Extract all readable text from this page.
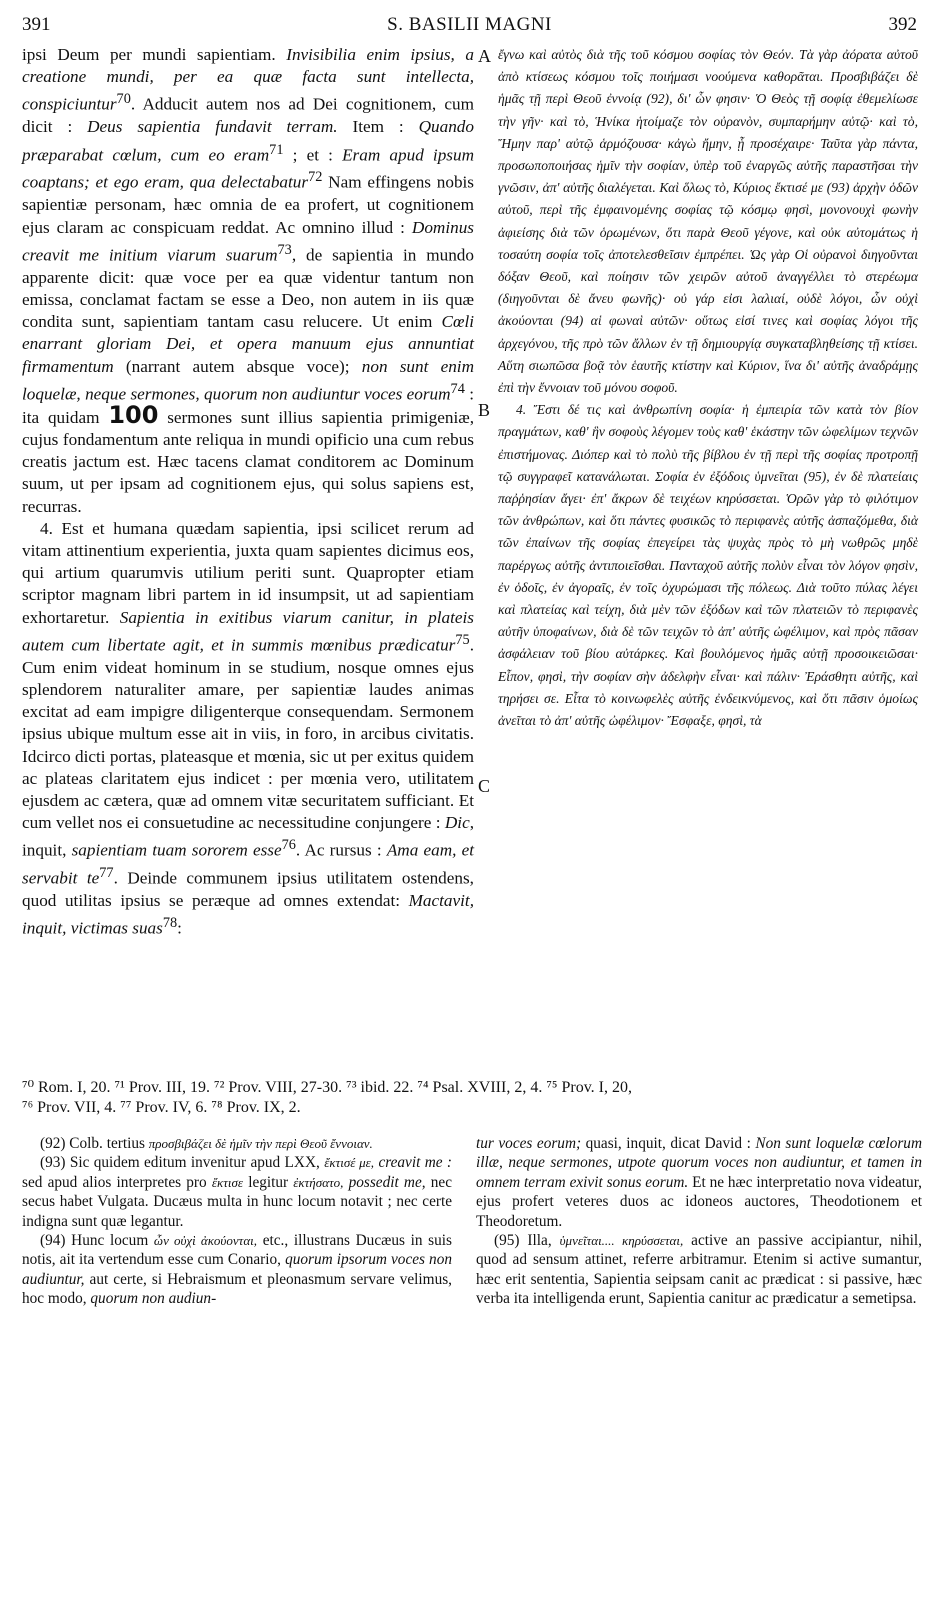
391	S. BASILII MAGNI	392
A
B
C

ipsi Deum per mundi sapientiam. Invisibilia enim ipsius, a creatione mundi, per ea quæ facta sunt intellecta, conspiciuntur$^{70}$. Adducit autem nos ad Dei cognitionem, cum dicit : Deus sapientia fundavit terram. Item : Quando præparabat cœlum, cum eo eram$^{71}$ ; et : Eram apud ipsum coaptans; et ego eram, qua delectabatur$^{72}$ Nam effingens nobis sapientiæ personam, hæc omnia de ea profert, ut cognitionem ejus claram ac conspicuam reddat. Ac omnino illud : Dominus creavit me initium viarum suarum$^{73}$, de sapientia in mundo apparente dicit: quæ voce per ea quæ videntur tantum non emissa, conclamat factam se esse a Deo, non autem in iis quæ condita sunt, sapientiam tantam casu relucere. Ut enim Cœli enarrant gloriam Dei, et opera manuum ejus annuntiat firmamentum (narrant autem absque voce); non sunt enim loquelæ, neque sermones, quorum non audiuntur voces eorum$^{74}$ : ita quidam 100 sermones sunt illius sapientia primigeniæ, cujus fondamentum ante reliqua in mundi opificio una cum rebus creatis jactum est. Hæc tacens clamat conditorem ac Dominum suum, ut per ipsam ad cognitionem ejus, qui solus sapiens est, recurras.

4. Est et humana quædam sapientia, ipsi scilicet rerum ad vitam attinentium experientia, juxta quam sapientes dicimus eos, qui artium quarumvis utilium periti sunt. Quapropter etiam scriptor magnam libri partem in id insumpsit, ut ad sapientiam exhortaretur. Sapientia in exitibus viarum canitur, in plateis autem cum libertate agit, et in summis mœnibus prædicatur$^{75}$. Cum enim videat hominum in se studium, nosque omnes ejus splendorem naturaliter amare, per sapientiæ laudes animas excitat ad eam impigre diligenterque consequendam. Sermonem ipsius ubique multum esse ait in viis, in foro, in arcibus civitatis. Idcirco dicti portas, plateasque et mœnia, sic ut per exitus quidem ac plateas claritatem ejus indicet : per mœnia vero, utilitatem ejusdem ac cætera, quæ ad omnem vitæ securitatem sufficiant. Et cum vellet nos ei consuetudine ac necessitudine conjungere : Dic, inquit, sapientiam tuam sororem esse$^{76}$. Ac rursus : Ama eam, et servabit $te^{77}$. Deinde communem ipsius utilitatem ostendens, quod utilitas ipsius se peræque ad omnes extendat: Mactavit, inquit, victimas suas$^{78}$:

ἔγνω καὶ αὐτὸς διὰ τῆς τοῦ κόσμου σοφίας τὸν Θεόν. Τὰ γὰρ ἀόρατα αὐτοῦ ἀπὸ κτίσεως κόσμου τοῖς ποιήμασι νοούμενα καθορᾶται. Προσβιβάζει δὲ ἡμᾶς τῇ περὶ Θεοῦ ἐννοίᾳ (92), δι' ὧν φησιν· Ὁ Θεὸς τῇ σοφίᾳ ἐθεμελίωσε τὴν γῆν· καὶ τὸ, Ἡνίκα ἡτοίμαζε τὸν οὐρανὸν, συμπαρήμην αὐτῷ· καὶ τὸ, Ἤμην παρ' αὐτῷ ἁρμόζουσα· κἀγὼ ἤμην, ᾗ προσέχαιρε· Ταῦτα γὰρ πάντα, προσωποποιήσας ἡμῖν τὴν σοφίαν, ὑπὲρ τοῦ ἐναργῶς αὐτῆς παραστῆσαι τὴν γνῶσιν, ἀπ' αὐτῆς διαλέγεται. Καὶ ὅλως τὸ, Κύριος ἔκτισέ με (93) ἀρχὴν ὁδῶν αὐτοῦ, περὶ τῆς ἐμφαινομένης σοφίας τῷ κόσμῳ φησὶ, μονονουχὶ φωνὴν ἀφιείσης διὰ τῶν ὁρωμένων, ὅτι παρὰ Θεοῦ γέγονε, καὶ οὐκ αὐτομάτως ἡ τοσαύτη σοφία τοῖς ἀποτελεσθεῖσιν ἐμπρέπει. Ὡς γὰρ Οἱ οὐρανοὶ διηγοῦνται δόξαν Θεοῦ, καὶ ποίησιν τῶν χειρῶν αὐτοῦ ἀναγγέλλει τὸ στερέωμα (διηγοῦνται δὲ ἄνευ φωνῆς)· οὐ γάρ εἰσι λαλιαί, οὐδὲ λόγοι, ὧν οὐχὶ ἀκούονται (94) αἱ φωναὶ αὐτῶν· οὕτως εἰσί τινες καὶ σοφίας λόγοι τῆς ἀρχεγόνου, τῆς πρὸ τῶν ἄλλων ἐν τῇ δημιουργίᾳ συγκαταβληθείσης τῇ κτίσει. Αὕτη σιωπῶσα βοᾷ τὸν ἑαυτῆς κτίστην καὶ Κύριον, ἵνα δι' αὐτῆς ἀναδράμῃς ἐπὶ τὴν ἔννοιαν τοῦ μόνου σοφοῦ.

4. Ἔστι δέ τις καὶ ἀνθρωπίνη σοφία· ἡ ἐμπειρία τῶν κατὰ τὸν βίον πραγμάτων, καθ' ἣν σοφοὺς λέγομεν τοὺς καθ' ἑκάστην τῶν ὠφελίμων τεχνῶν ἐπιστήμονας. Διόπερ καὶ τὸ πολὺ τῆς βίβλου ἐν τῇ περὶ τῆς σοφίας προτροπῇ τῷ συγγραφεῖ κατανάλωται. Σοφία ἐν ἐξόδοις ὑμνεῖται (95), ἐν δὲ πλατείαις παῤῥησίαν ἄγει· ἐπ' ἄκρων δὲ τειχέων κηρύσσεται. Ὁρῶν γὰρ τὸ φιλότιμον τῶν ἀνθρώπων, καὶ ὅτι πάντες φυσικῶς τὸ περιφανὲς αὐτῆς ἀσπαζόμεθα, διὰ τῶν ἐπαίνων τῆς σοφίας ἐπεγείρει τὰς ψυχὰς πρὸς τὸ μὴ νωθρῶς μηδὲ παρέργως αὐτῆς ἀντιποιεῖσθαι. Πανταχοῦ αὐτῆς πολὺν εἶναι τὸν λόγον φησὶν, ἐν ὁδοῖς, ἐν ἀγοραῖς, ἐν τοῖς ὀχυρώμασι τῆς πόλεως. Διὰ τοῦτο πύλας λέγει καὶ πλατείας καὶ τείχη, διὰ μὲν τῶν ἐξόδων καὶ τῶν πλατειῶν τὸ περιφανὲς αὐτῆν ὑποφαίνων, διὰ δὲ τῶν τειχῶν τὸ ἀπ' αὐτῆς ὠφέλιμον, καὶ πρὸς πᾶσαν ἀσφάλειαν τοῦ βίου αὐτάρκες. Καὶ βουλόμενος ἡμᾶς αὐτῇ προσοικειῶσαι· Εἶπον, φησὶ, τὴν σοφίαν σὴν ἀδελφὴν εἶναι· καὶ πάλιν· Ἐράσθητι αὐτῆς, καὶ τηρήσει σε. Εἶτα τὸ κοινωφελὲς αὐτῆς ἐνδεικνύμενος, καὶ ὅτι πᾶσιν ὁμοίως ἀνεῖται τὸ ἀπ' αὐτῆς ὠφέλιμον· Ἔσφαξε, φησὶ, τὰ

⁷⁰ Rom. I, 20. ⁷¹ Prov. III, 19. ⁷² Prov. VIII, 27-30. ⁷³ ibid. 22. ⁷⁴ Psal. XVIII, 2, 4. ⁷⁵ Prov. I, 20,

⁷⁶ Prov. VII, 4. ⁷⁷ Prov. IV, 6. ⁷⁸ Prov. IX, 2.

(92) Colb. tertius προσβιβάζει δὲ ἡμῖν τὴν περὶ Θεοῦ ἔννοιαν.

(93) Sic quidem editum invenitur apud LXX, ἔκτισέ με, creavit me : sed apud alios interpretes pro ἔκτισε legitur ἐκτήσατο, possedit me, nec secus habet Vulgata. Ducæus multa in hunc locum notavit ; nec certe indigna sunt quæ legantur.

(94) Hunc locum ὧν οὐχὶ ἀκούονται, etc., illustrans Ducæus in suis notis, ait ita vertendum esse cum Conario, quorum ipsorum voces non audiuntur, aut certe, si Hebraismum et pleonasmum servare velimus, hoc modo, quorum non audiun-

tur voces eorum; quasi, inquit, dicat David : Non sunt loquelæ cœlorum illæ, neque sermones, utpote quorum voces non audiuntur, et tamen in omnem terram exivit sonus eorum. Et ne hæc interpretatio nova videatur, ejus profert veteres duos ac idoneos auctores, Theodotionem et Theodoretum.

(95) Illa, ὑμνεῖται.... κηρύσσεται, active an passive accipiantur, nihil, quod ad sensum attinet, referre arbitramur. Etenim si active sumantur, hæc erit sententia, Sapientia seipsam canit ac prædicat : si passive, hæc verba ita intelligenda erunt, Sapientia canitur ac prædicatur a semetipsa.
